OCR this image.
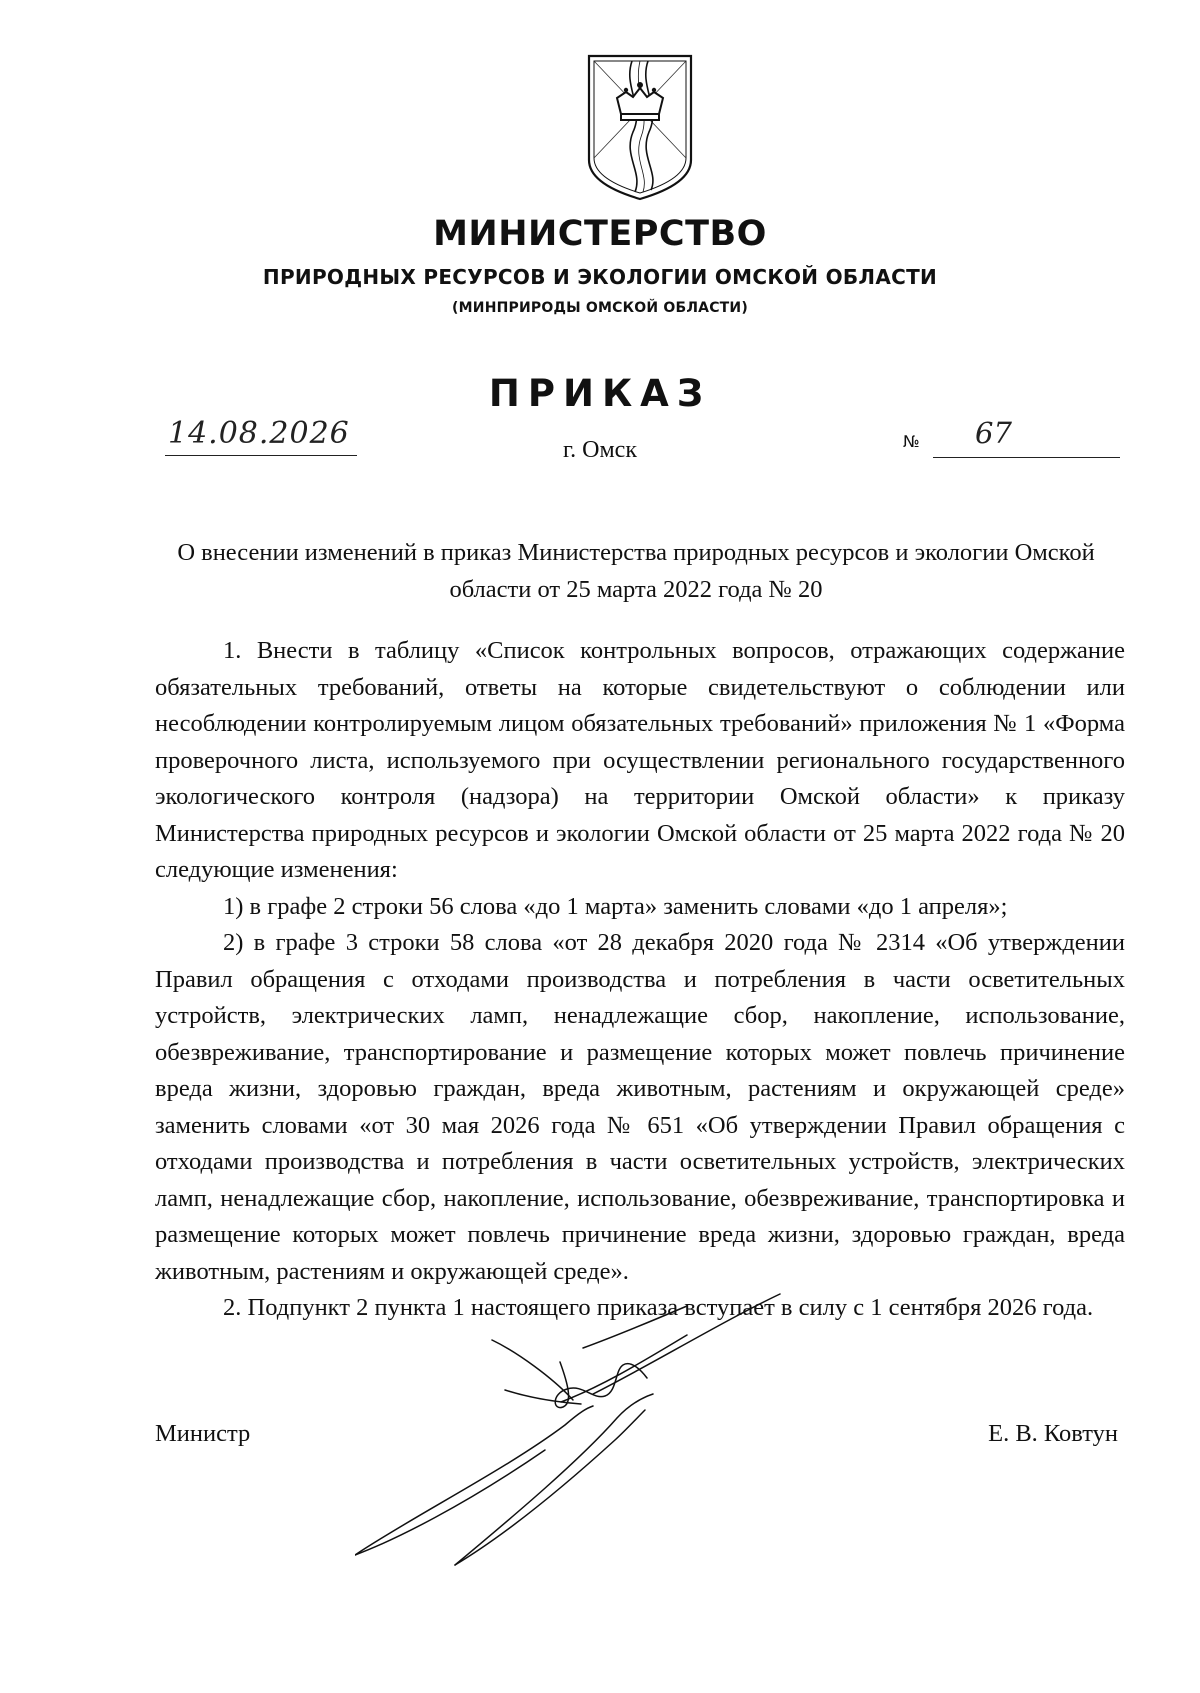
МИНИСТЕРСТВО

ПРИРОДНЫХ РЕСУРСОВ И ЭКОЛОГИИ ОМСКОЙ ОБЛАСТИ

(МИНПРИРОДЫ ОМСКОЙ ОБЛАСТИ)

ПРИКАЗ

14.08.2026	г. Омск	№ 67

О внесении изменений в приказ Министерства природных ресурсов и экологии Омской области от 25 марта 2022 года № 20

1. Внести в таблицу «Список контрольных вопросов, отражающих содержание обязательных требований, ответы на которые свидетельствуют о соблюдении или несоблюдении контролируемым лицом обязательных требований» приложения № 1 «Форма проверочного листа, используемого при осуществлении регионального государственного экологического контроля (надзора) на территории Омской области» к приказу Министерства природных ресурсов и экологии Омской области от 25 марта 2022 года № 20 следующие изменения:

1) в графе 2 строки 56 слова «до 1 марта» заменить словами «до 1 апреля»;

2) в графе 3 строки 58 слова «от 28 декабря 2020 года № 2314 «Об утверждении Правил обращения с отходами производства и потребления в части осветительных устройств, электрических ламп, ненадлежащие сбор, накопление, использование, обезвреживание, транспортирование и размещение которых может повлечь причинение вреда жизни, здоровью граждан, вреда животным, растениям и окружающей среде» заменить словами «от 30 мая 2026 года № 651 «Об утверждении Правил обращения с отходами производства и потребления в части осветительных устройств, электрических ламп, ненадлежащие сбор, накопление, использование, обезвреживание, транспортировка и размещение которых может повлечь причинение вреда жизни, здоровью граждан, вреда животным, растениям и окружающей среде».

2. Подпункт 2 пункта 1 настоящего приказа вступает в силу с 1 сентября 2026 года.

Министр	Е. В. Ковтун
